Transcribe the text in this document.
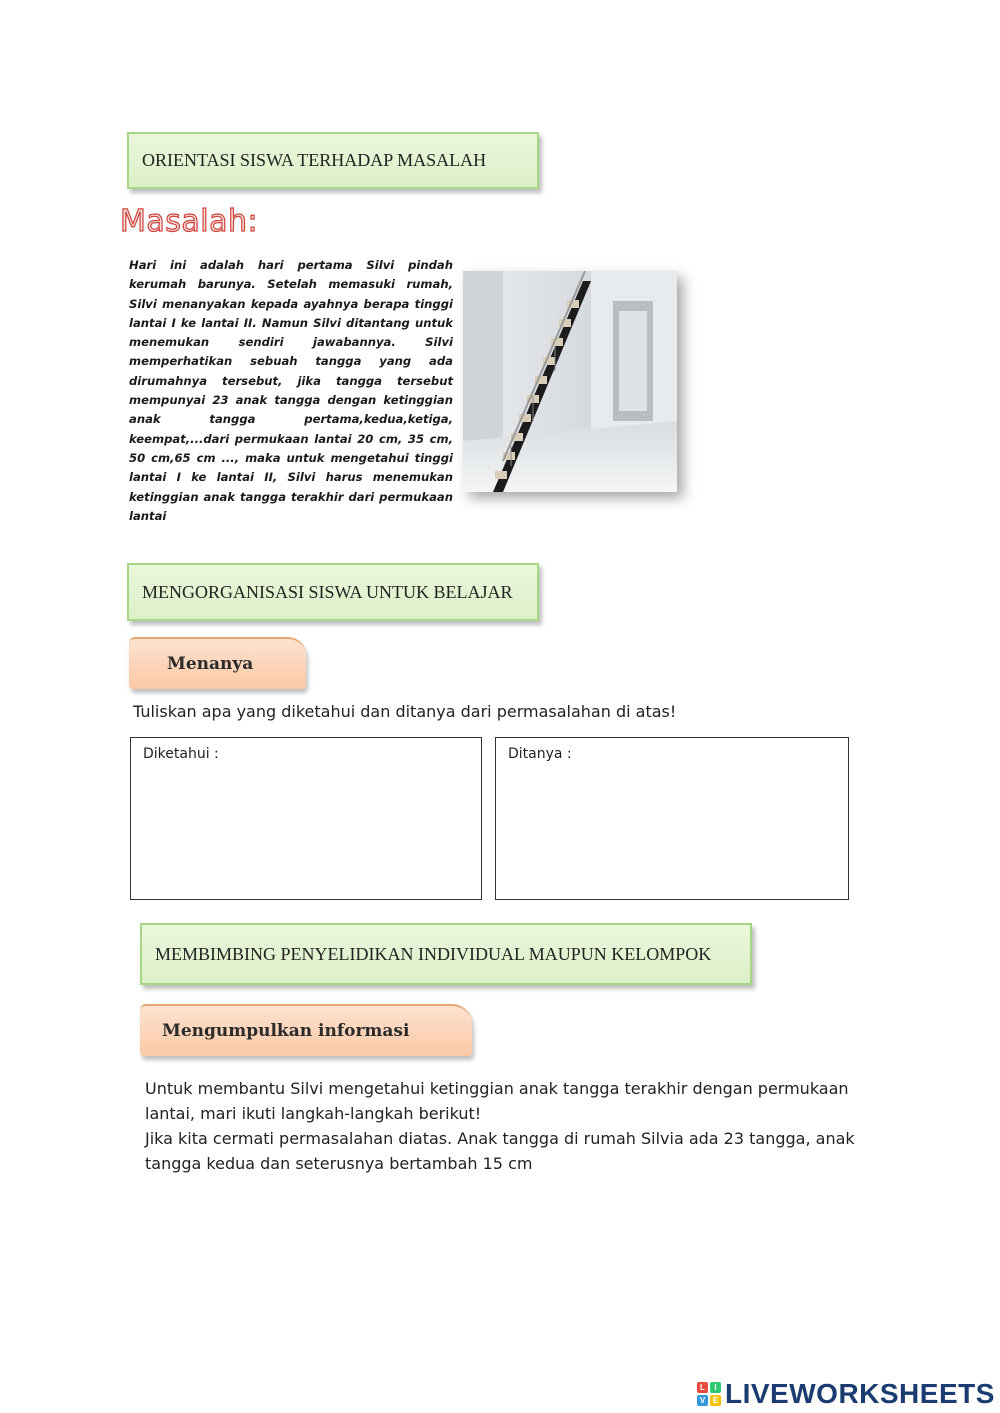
ORIENTASI SISWA TERHADAP MASALAH
Masalah:
Hari ini adalah hari pertama Silvi pindah kerumah barunya. Setelah memasuki rumah, Silvi menanyakan kepada ayahnya berapa tinggi lantai I ke lantai II. Namun Silvi ditantang untuk menemukan sendiri jawabannya. Silvi memperhatikan sebuah tangga yang ada dirumahnya tersebut, jika tangga tersebut mempunyai 23 anak tangga dengan ketinggian anak tangga pertama,kedua,ketiga, keempat,...dari permukaan lantai 20 cm, 35 cm, 50 cm,65 cm ..., maka untuk mengetahui tinggi lantai I ke lantai II, Silvi harus menemukan ketinggian anak tangga terakhir dari permukaan lantai
MENGORGANISASI SISWA UNTUK BELAJAR
Menanya
Tuliskan apa yang diketahui dan ditanya dari permasalahan di atas!
Diketahui :	Ditanya :
MEMBIMBING PENYELIDIKAN INDIVIDUAL MAUPUN KELOMPOK
Mengumpulkan informasi
Untuk membantu Silvi mengetahui ketinggian anak tangga terakhir dengan permukaan
lantai, mari ikuti langkah-langkah berikut!
Jika kita cermati permasalahan diatas. Anak tangga di rumah Silvia ada 23 tangga, anak
tangga kedua dan seterusnya bertambah 15 cm
L	I
V E LIVEWORKSHEETS
